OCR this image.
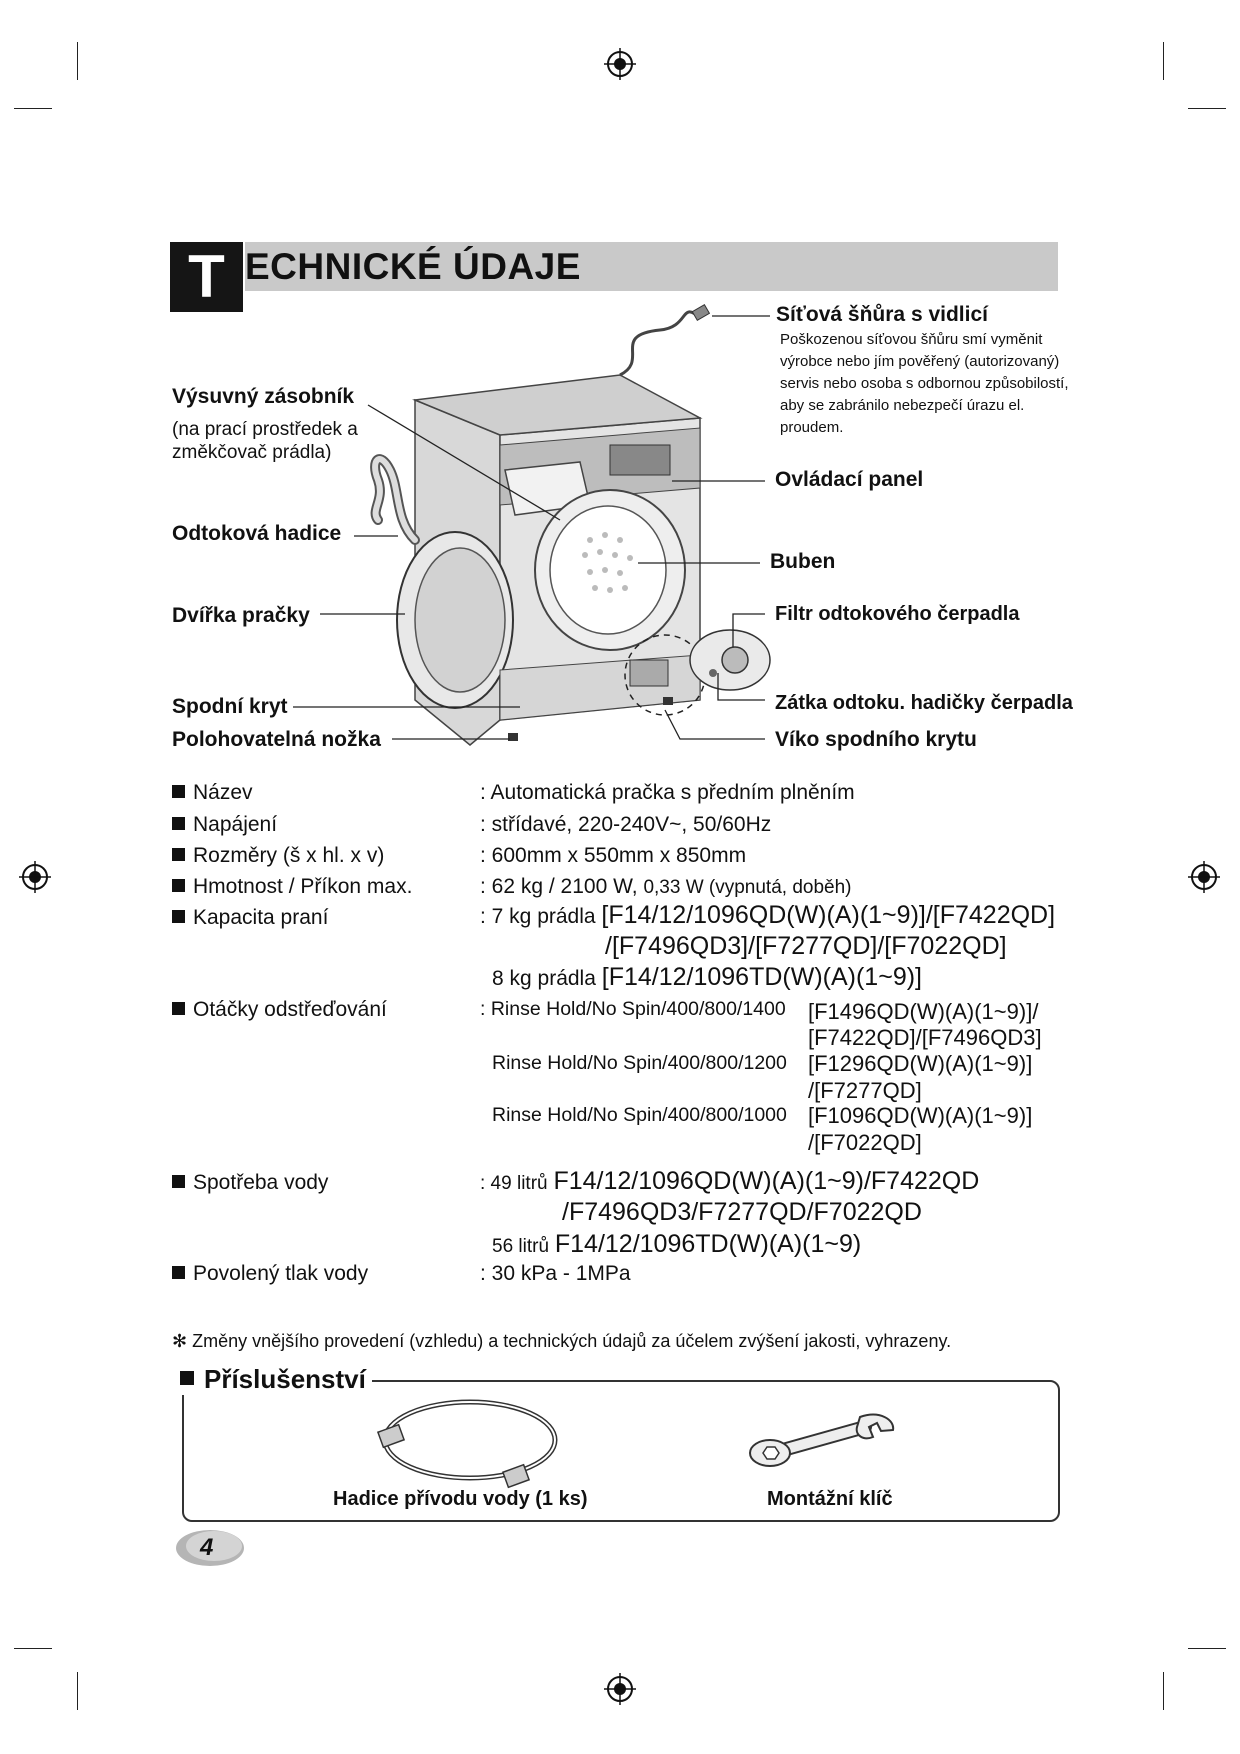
T ECHNICKÉ ÚDAJE
Síťová šňůra s vidlicí
Poškozenou síťovou šňůru smí vyměnit výrobce nebo jím pověřený (autorizovaný) servis nebo osoba s odbornou způsobilostí, aby se zabránilo nebezpečí úrazu el. proudem.
Výsuvný zásobník
(na prací prostředek a
změkčovač prádla)
Ovládací panel
Odtoková hadice
Buben
Dvířka pračky	Filtr odtokového čerpadla
Spodní kryt	Zátka odtoku. hadičky čerpadla
Polohovatelná nožka	Víko spodního krytu
Název	: Automatická pračka s předním plněním
Napájení	: střídavé, 220-240V~, 50/60Hz
Rozměry (š x hl. x v)	: 600mm x 550mm x 850mm
Hmotnost / Příkon max.	: 62 kg / 2100 W, 0,33 W (vypnutá, doběh)
Kapacita praní	: 7 kg prádla [F14/12/1096QD(W)(A)(1~9)]/[F7422QD]
/[F7496QD3]/[F7277QD]/[F7022QD]
8 kg prádla [F14/12/1096TD(W)(A)(1~9)]
Otáčky odstřeďování	: Rinse Hold/No Spin/400/800/1400 [F1496QD(W)(A)(1~9)]/
[F7422QD]/[F7496QD3]
Rinse Hold/No Spin/400/800/1200 [F1296QD(W)(A)(1~9)]
/[F7277QD]
Rinse Hold/No Spin/400/800/1000 [F1096QD(W)(A)(1~9)]
/[F7022QD]
Spotřeba vody	: 49 litrů F14/12/1096QD(W)(A)(1~9)/F7422QD
/F7496QD3/F7277QD/F7022QD
56 litrů F14/12/1096TD(W)(A)(1~9)
Povolený tlak vody	: 30 kPa - 1MPa
✻ Změny vnějšího provedení (vzhledu) a technických údajů za účelem zvýšení jakosti, vyhrazeny.
Příslušenství
Hadice přívodu vody (1 ks)	Montážní klíč
4
